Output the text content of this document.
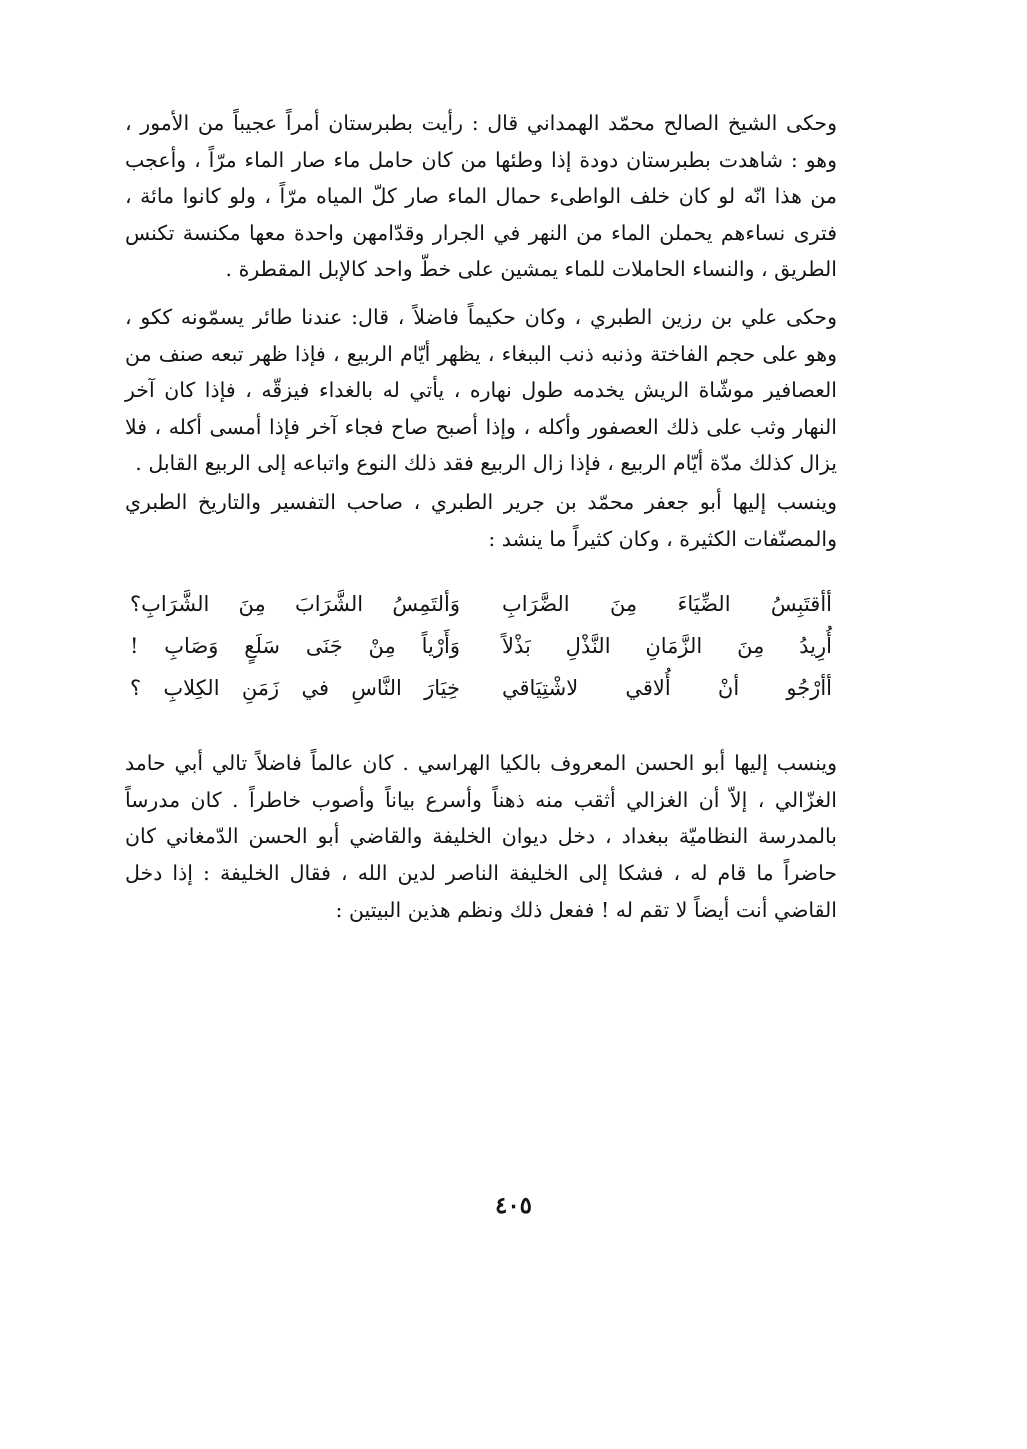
وحكى الشيخ الصالح محمّد الهمداني قال : رأيت بطبرستان أمراً عجيباً من الأمور ، وهو : شاهدت بطبرستان دودة إذا وطئها من كان حامل ماء صار الماء مرّاً ، وأعجب من هذا انّه لو كان خلف الواطىء حمال الماء صار كلّ المياه مرّاً ، ولو كانوا مائة ، فترى نساءهم يحملن الماء من النهر في الجرار وقدّامهن واحدة معها مكنسة تكنس الطريق ، والنساء الحاملات للماء يمشين على خطّ واحد كالإبل المقطرة .

وحكى علي بن رزين الطبري ، وكان حكيماً فاضلاً ، قال: عندنا طائر يسمّونه ككو ، وهو على حجم الفاختة وذنبه ذنب الببغاء ، يظهر أيّام الربيع ، فإذا ظهر تبعه صنف من العصافير موشّاة الريش يخدمه طول نهاره ، يأتي له بالغداء فيزقّه ، فإذا كان آخر النهار وثب على ذلك العصفور وأكله ، وإذا أصبح صاح فجاء آخر فإذا أمسى أكله ، فلا يزال كذلك مدّة أيّام الربيع ، فإذا زال الربيع فقد ذلك النوع واتباعه إلى الربيع القابل .

وينسب إليها أبو جعفر محمّد بن جرير الطبري ، صاحب التفسير والتاريخ الطبري والمصنّفات الكثيرة ، وكان كثيراً ما ينشد :

أأقتَبِسُ الضِّيَاءَ مِنَ الضَّرَابِ
وَألتَمِسُ الشَّرَابَ مِنَ الشَّرَابِ؟
أُرِيدُ مِنَ الزَّمَانِ النَّذْلِ بَذْلاً
وَأَرْياً مِنْ جَنَى سَلَعٍ وَصَابِ !
أأرْجُو أنْ أُلاقي لاشْتِيَاقي
خِيَارَ النَّاسِ في زَمَنِ الكِلابِ ؟

وينسب إليها أبو الحسن المعروف بالكيا الهراسي . كان عالماً فاضلاً تالي أبي حامد الغزّالي ، إلاّ أن الغزالي أثقب منه ذهناً وأسرع بياناً وأصوب خاطراً . كان مدرساً بالمدرسة النظاميّة ببغداد ، دخل ديوان الخليفة والقاضي أبو الحسن الدّمغاني كان حاضراً ما قام له ، فشكا إلى الخليفة الناصر لدين الله ، فقال الخليفة : إذا دخل القاضي أنت أيضاً لا تقم له ! ففعل ذلك ونظم هذين البيتين :

٤٠٥
